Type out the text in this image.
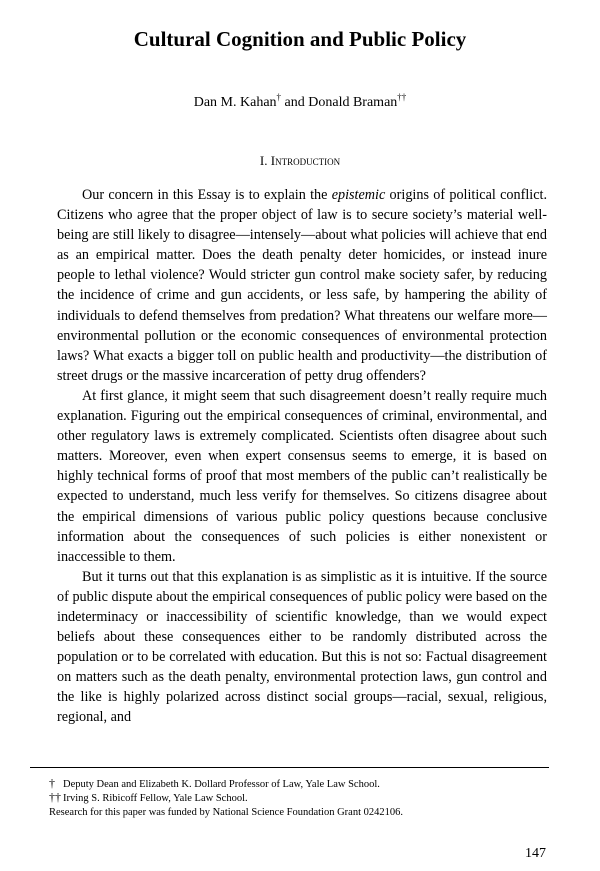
Cultural Cognition and Public Policy
Dan M. Kahan† and Donald Braman††
I. Introduction

Our concern in this Essay is to explain the epistemic origins of political conflict. Citizens who agree that the proper object of law is to secure society’s material well-being are still likely to disagree—intensely—about what policies will achieve that end as an empirical matter. Does the death penalty deter homicides, or instead inure people to lethal violence? Would stricter gun control make society safer, by reducing the incidence of crime and gun accidents, or less safe, by hampering the ability of individuals to defend themselves from predation? What threatens our welfare more—environmental pollution or the economic consequences of environmental protection laws? What exacts a bigger toll on public health and productivity—the distribution of street drugs or the massive incarceration of petty drug offenders?

At first glance, it might seem that such disagreement doesn’t really require much explanation. Figuring out the empirical consequences of criminal, environmental, and other regulatory laws is extremely complicated. Scientists often disagree about such matters. Moreover, even when expert consensus seems to emerge, it is based on highly technical forms of proof that most members of the public can’t realistically be expected to understand, much less verify for themselves. So citizens disagree about the empirical dimensions of various public policy questions because conclusive information about the consequences of such policies is either nonexistent or inaccessible to them.

But it turns out that this explanation is as simplistic as it is intuitive. If the source of public dispute about the empirical consequences of public policy were based on the indeterminacy or inaccessibility of scientific knowledge, than we would expect beliefs about these consequences either to be randomly distributed across the population or to be correlated with education. But this is not so: Factual disagreement on matters such as the death penalty, environmental protection laws, gun control and the like is highly polarized across distinct social groups—racial, sexual, religious, regional, and

† Deputy Dean and Elizabeth K. Dollard Professor of Law, Yale Law School.
†† Irving S. Ribicoff Fellow, Yale Law School.
Research for this paper was funded by National Science Foundation Grant 0242106.
147
